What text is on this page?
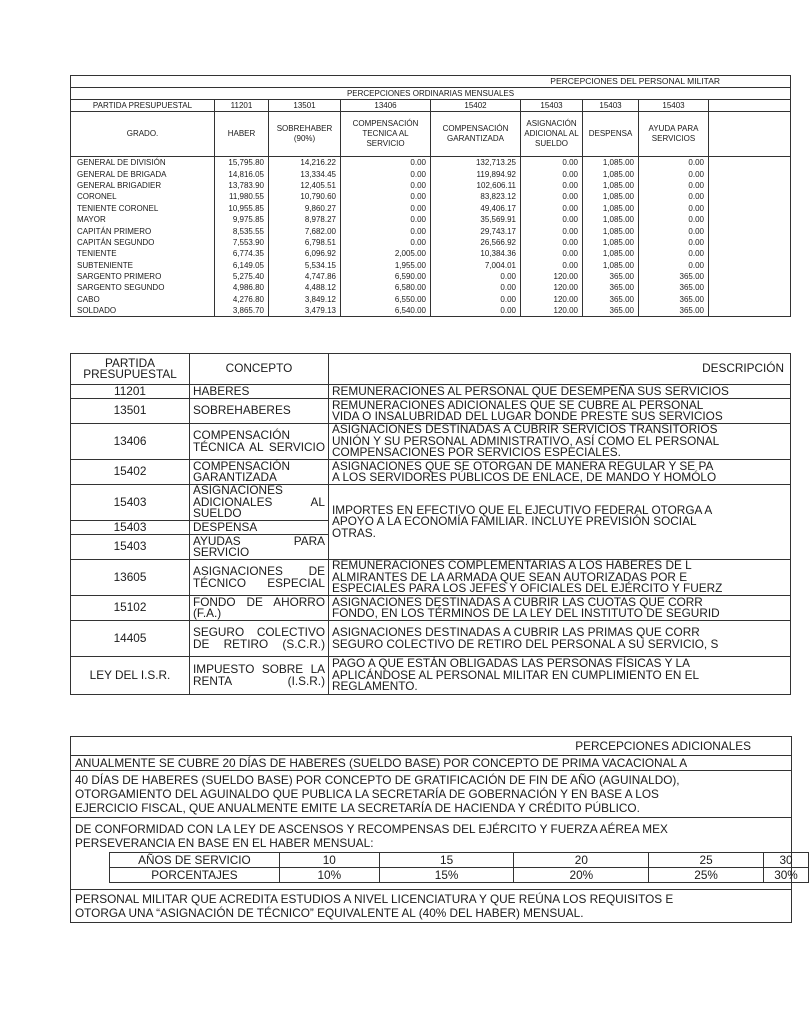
PERCEPCIONES DEL PERSONAL MILITAR								
PERCEPCIONES ORDINARIAS MENSUALES								
PARTIDA PRESUPUESTAL	11201	13501	13406	15402	15403	15403	15403	
GRADO.	HABER	SOBREHABER (90%)	COMPENSACIÓN TECNICA AL SERVICIO	COMPENSACIÓN GARANTIZADA	ASIGNACIÓN ADICIONAL AL SUELDO	DESPENSA	AYUDA PARA SERVICIOS	
GENERAL DE DIVISIÓN	15,795.80	14,216.22	0.00	132,713.25	0.00	1,085.00	0.00	
GENERAL DE BRIGADA	14,816.05	13,334.45	0.00	119,894.92	0.00	1,085.00	0.00	
GENERAL BRIGADIER	13,783.90	12,405.51	0.00	102,606.11	0.00	1,085.00	0.00	
CORONEL	11,980.55	10,790.60	0.00	83,823.12	0.00	1,085.00	0.00	
TENIENTE CORONEL	10,955.85	9,860.27	0.00	49,406.17	0.00	1,085.00	0.00	
MAYOR	9,975.85	8,978.27	0.00	35,569.91	0.00	1,085.00	0.00	
CAPITÁN PRIMERO	8,535.55	7,682.00	0.00	29,743.17	0.00	1,085.00	0.00	
CAPITÁN SEGUNDO	7,553.90	6,798.51	0.00	26,566.92	0.00	1,085.00	0.00	
TENIENTE	6,774.35	6,096.92	2,005.00	10,384.36	0.00	1,085.00	0.00	
SUBTENIENTE	6,149.05	5,534.15	1,955.00	7,004.01	0.00	1,085.00	0.00	
SARGENTO PRIMERO	5,275.40	4,747.86	6,590.00	0.00	120.00	365.00	365.00	
SARGENTO SEGUNDO	4,986.80	4,488.12	6,580.00	0.00	120.00	365.00	365.00	
CABO	4,276.80	3,849.12	6,550.00	0.00	120.00	365.00	365.00	
SOLDADO	3,865.70	3,479.13	6,540.00	0.00	120.00	365.00	365.00	
PARTIDA PRESUPUESTAL	CONCEPTO	DESCRIPCIÓN
11201	HABERES	REMUNERACIONES AL PERSONAL QUE DESEMPEÑA SUS SERVICIOS

13501	SOBREHABERES	REMUNERACIONES ADICIONALES QUE SE CUBRE AL PERSONAL
VIDA O INSALUBRIDAD DEL LUGAR DONDE PRESTE SUS SERVICIOS

13406	COMPENSACIÓN TÉCNICA AL SERVICIO	ASIGNACIONES DESTINADAS A CUBRIR SERVICIOS TRANSITORIOS
UNIÓN Y SU PERSONAL ADMINISTRATIVO, ASÍ COMO EL PERSONAL
COMPENSACIONES POR SERVICIOS ESPECIALES.

15402	COMPENSACIÓN GARANTIZADA	ASIGNACIONES QUE SE OTORGAN DE MANERA REGULAR Y SE PA
A LOS SERVIDORES PÚBLICOS DE ENLACE, DE MANDO Y HOMÓLO

15403	ASIGNACIONES ADICIONALES AL SUELDO	IMPORTES EN EFECTIVO QUE EL EJECUTIVO FEDERAL OTORGA A
APOYO A LA ECONOMÍA FAMILIAR. INCLUYE PREVISIÓN SOCIAL
OTRAS.

15403	DESPENSA	
15403	AYUDAS PARA SERVICIO	
13605	ASIGNACIONES DE TÉCNICO ESPECIAL	REMUNERACIONES COMPLEMENTARIAS A LOS HABERES DE L
ALMIRANTES DE LA ARMADA QUE SEAN AUTORIZADAS POR E
ESPECIALES PARA LOS JEFES Y OFICIALES DEL EJÉRCITO Y FUERZ

15102	FONDO DE AHORRO (F.A.)	ASIGNACIONES DESTINADAS A CUBRIR LAS CUOTAS QUE CORR
FONDO, EN LOS TÉRMINOS DE LA LEY DEL INSTITUTO DE SEGURID

14405	SEGURO COLECTIVO DE RETIRO (S.C.R.)	ASIGNACIONES DESTINADAS A CUBRIR LAS PRIMAS QUE CORR
SEGURO COLECTIVO DE RETIRO DEL PERSONAL A SU SERVICIO, S

LEY DEL I.S.R.	IMPUESTO SOBRE LA RENTA (I.S.R.)	PAGO A QUE ESTÁN OBLIGADAS LAS PERSONAS FÍSICAS Y LA
APLICÁNDOSE AL PERSONAL MILITAR EN CUMPLIMIENTO EN EL
REGLAMENTO.
PERCEPCIONES ADICIONALES
ANUALMENTE SE CUBRE 20 DÍAS DE HABERES (SUELDO BASE) POR CONCEPTO DE PRIMA VACACIONAL A
40 DÍAS DE HABERES (SUELDO BASE) POR CONCEPTO DE GRATIFICACIÓN DE FIN DE AÑO (AGUINALDO),
OTORGAMIENTO DEL AGUINALDO QUE PUBLICA LA SECRETARÍA DE GOBERNACIÓN Y EN BASE A LOS
EJERCICIO FISCAL, QUE ANUALMENTE EMITE LA SECRETARÍA DE HACIENDA Y CRÉDITO PÚBLICO.
DE CONFORMIDAD CON LA LEY DE ASCENSOS Y RECOMPENSAS DEL EJÉRCITO Y FUERZA AÉREA MEX
PERSEVERANCIA EN BASE EN EL HABER MENSUAL:
AÑOS DE SERVICIO	10	15	20	25	30
PORCENTAJES	10%	15%	20%	25%	30%
PERSONAL MILITAR QUE ACREDITA ESTUDIOS A NIVEL LICENCIATURA Y QUE REÚNA LOS REQUISITOS E
OTORGA UNA “ASIGNACIÓN DE TÉCNICO” EQUIVALENTE AL (40% DEL HABER) MENSUAL.
